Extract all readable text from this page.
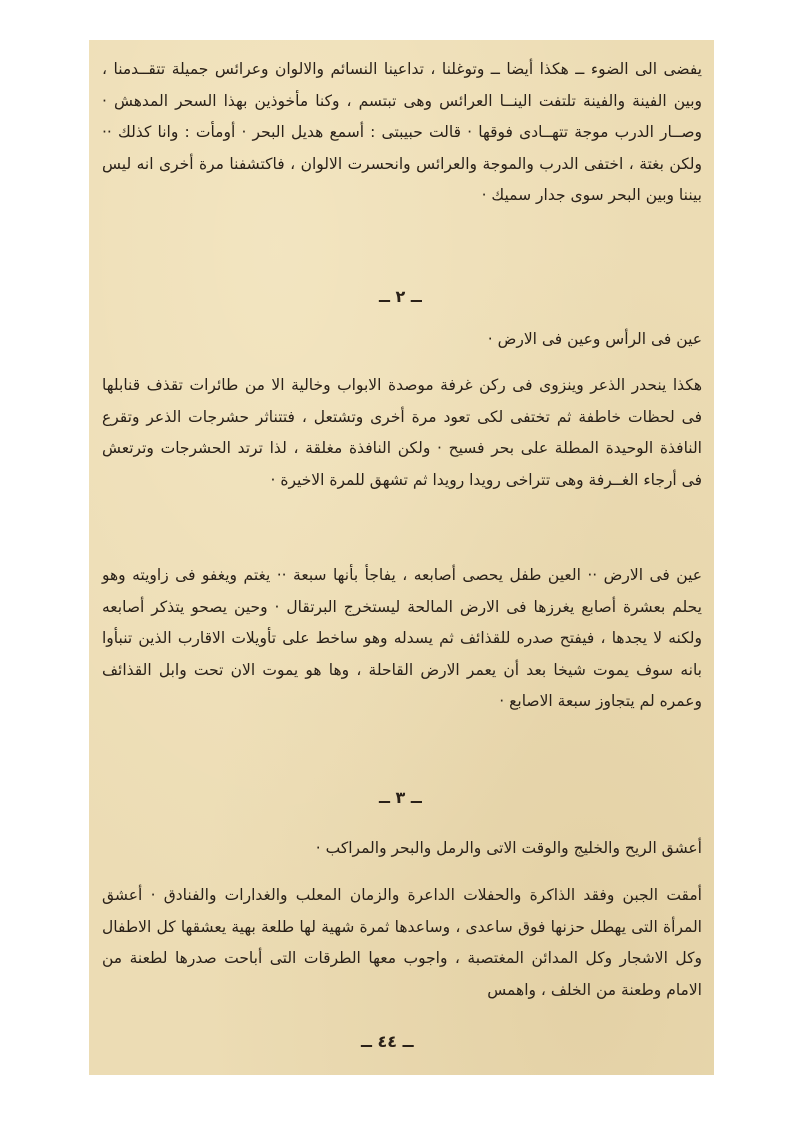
يفضى الى الضوء ــ هكذا أيضا ــ وتوغلنا ، تداعينا النسائم والالوان وعرائس جميلة تتقــدمنا ، وبين الفينة والفينة تلتفت الينــا العرائس وهى تبتسم ، وكنا مأخوذين بهذا السحر المدهش · وصــار الدرب موجة تتهــادى فوقها · قالت حبيبتى : أسمع هديل البحر · أومأت : وانا كذلك ·· ولكن بغتة ، اختفى الدرب والموجة والعرائس وانحسرت الالوان ، فاكتشفنا مرة أخرى انه ليس بيننا وبين البحر سوى جدار سميك ·

ــ ٢ ــ
عين فى الرأس وعين فى الارض ·

هكذا ينحدر الذعر وينزوى فى ركن غرفة موصدة الابواب وخالية الا من طائرات تقذف قنابلها فى لحظات خاطفة ثم تختفى لكى تعود مرة أخرى وتشتعل ، فتتناثر حشرجات الذعر وتقرع النافذة الوحيدة المطلة على بحر فسيح · ولكن النافذة مغلقة ، لذا ترتد الحشرجات وترتعش فى أرجاء الغــرفة وهى تتراخى رويدا رويدا ثم تشهق للمرة الاخيرة ·

عين فى الارض ·· العين طفل يحصى أصابعه ، يفاجأ بأنها سبعة ·· يغتم ويغفو فى زاويته وهو يحلم بعشرة أصابع يغرزها فى الارض المالحة ليستخرج البرتقال · وحين يصحو يتذكر أصابعه ولكنه لا يجدها ، فيفتح صدره للقذائف ثم يسدله وهو ساخط على تأويلات الاقارب الذين تنبأوا بانه سوف يموت شيخا بعد أن يعمر الارض القاحلة ، وها هو يموت الان تحت وابل القذائف وعمره لم يتجاوز سبعة الاصابع ·

ــ ٣ ــ
أعشق الريح والخليج والوقت الاتى والرمل والبحر والمراكب ·

أمقت الجبن وفقد الذاكرة والحفلات الداعرة والزمان المعلب والغدارات والفنادق · أعشق المرأة التى يهطل حزنها فوق ساعدى ، وساعدها ثمرة شهية لها طلعة بهية يعشقها كل الاطفال وكل الاشجار وكل المدائن المغتصبة ، واجوب معها الطرقات التى أباحت صدرها لطعنة من الامام وطعنة من الخلف ، واهمس

ــ ٤٤ ــ
